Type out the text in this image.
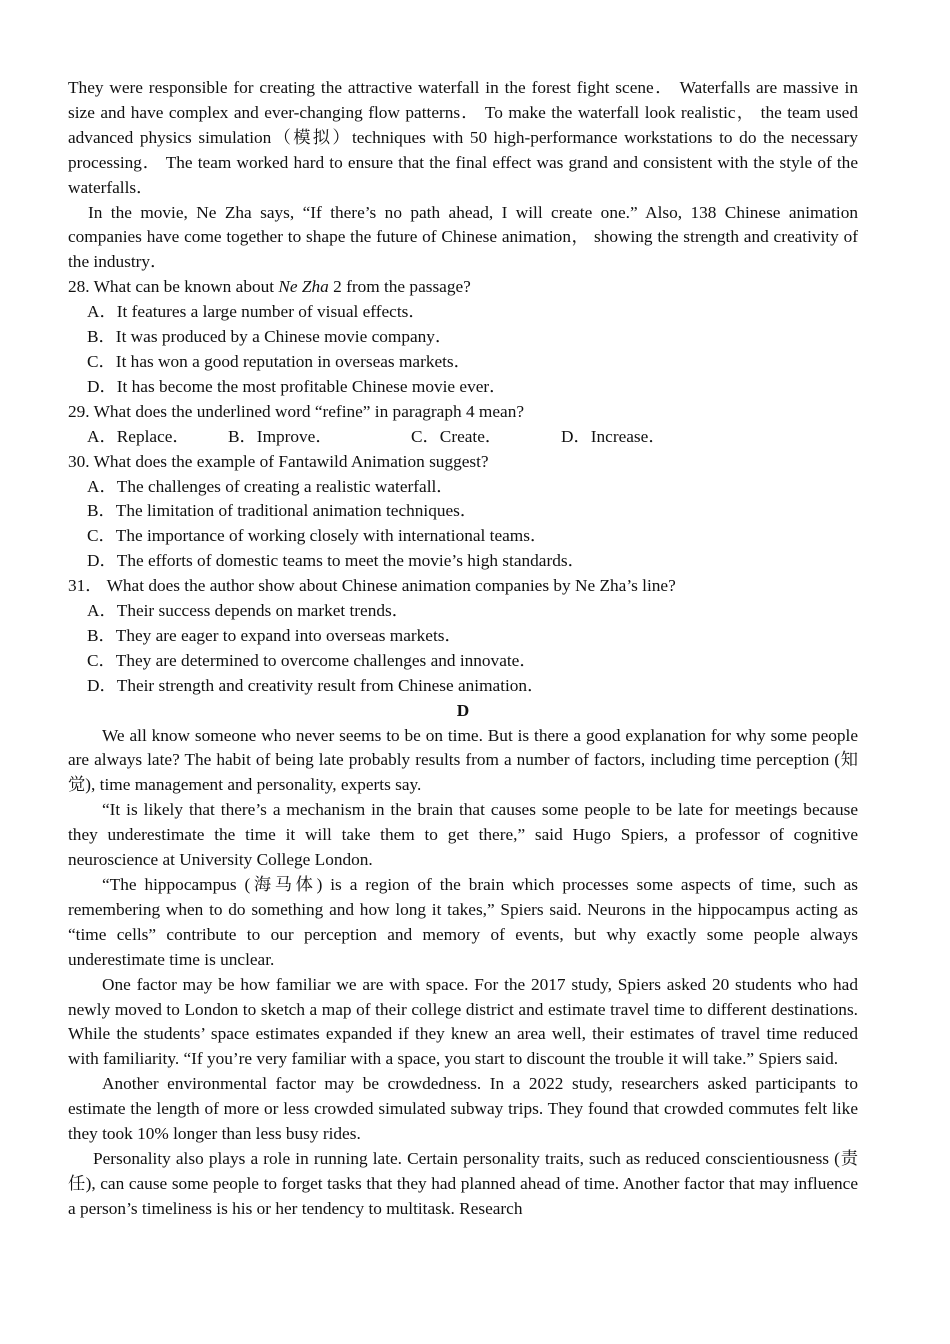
They were responsible for creating the attractive waterfall in the forest fight scene． Waterfalls are massive in size and have complex and ever-changing flow patterns． To make the waterfall look realistic， the team used advanced physics simulation（模拟）techniques with 50 high-performance workstations to do the necessary processing． The team worked hard to ensure that the final effect was grand and consistent with the style of the waterfalls．

In the movie, Ne Zha says, “If there’s no path ahead, I will create one.” Also, 138 Chinese animation companies have come together to shape the future of Chinese animation， showing the strength and creativity of the industry．

28. What can be known about Ne Zha 2 from the passage?

A．It features a large number of visual effects．

B．It was produced by a Chinese movie company．

C．It has won a good reputation in overseas markets．

D．It has become the most profitable Chinese movie ever．

29. What does the underlined word “refine” in paragraph 4 mean?

A．Replace． B．Improve．	C．Create．	D．Increase．

30. What does the example of Fantawild Animation suggest?

A．The challenges of creating a realistic waterfall．

B．The limitation of traditional animation techniques．

C．The importance of working closely with international teams．

D．The efforts of domestic teams to meet the movie’s high standards．

31． What does the author show about Chinese animation companies by Ne Zha’s line?

A．Their success depends on market trends．

B．They are eager to expand into overseas markets．

C．They are determined to overcome challenges and innovate．

D．Their strength and creativity result from Chinese animation．

D

We all know someone who never seems to be on time. But is there a good explanation for why some people are always late? The habit of being late probably results from a number of factors, including time perception (知觉), time management and personality, experts say.

“It is likely that there’s a mechanism in the brain that causes some people to be late for meetings because they underestimate the time it will take them to get there,” said Hugo Spiers, a professor of cognitive neuroscience at University College London.

“The hippocampus (海马体) is a region of the brain which processes some aspects of time, such as remembering when to do something and how long it takes,” Spiers said. Neurons in the hippocampus acting as “time cells” contribute to our perception and memory of events, but why exactly some people always underestimate time is unclear.

One factor may be how familiar we are with space. For the 2017 study, Spiers asked 20 students who had newly moved to London to sketch a map of their college district and estimate travel time to different destinations. While the students’ space estimates expanded if they knew an area well, their estimates of travel time reduced with familiarity. “If you’re very familiar with a space, you start to discount the trouble it will take.” Spiers said.

Another environmental factor may be crowdedness. In a 2022 study, researchers asked participants to estimate the length of more or less crowded simulated subway trips. They found that crowded commutes felt like they took 10% longer than less busy rides.

Personality also plays a role in running late. Certain personality traits, such as reduced conscientiousness (责任), can cause some people to forget tasks that they had planned ahead of time. Another factor that may influence a person’s timeliness is his or her tendency to multitask. Research
